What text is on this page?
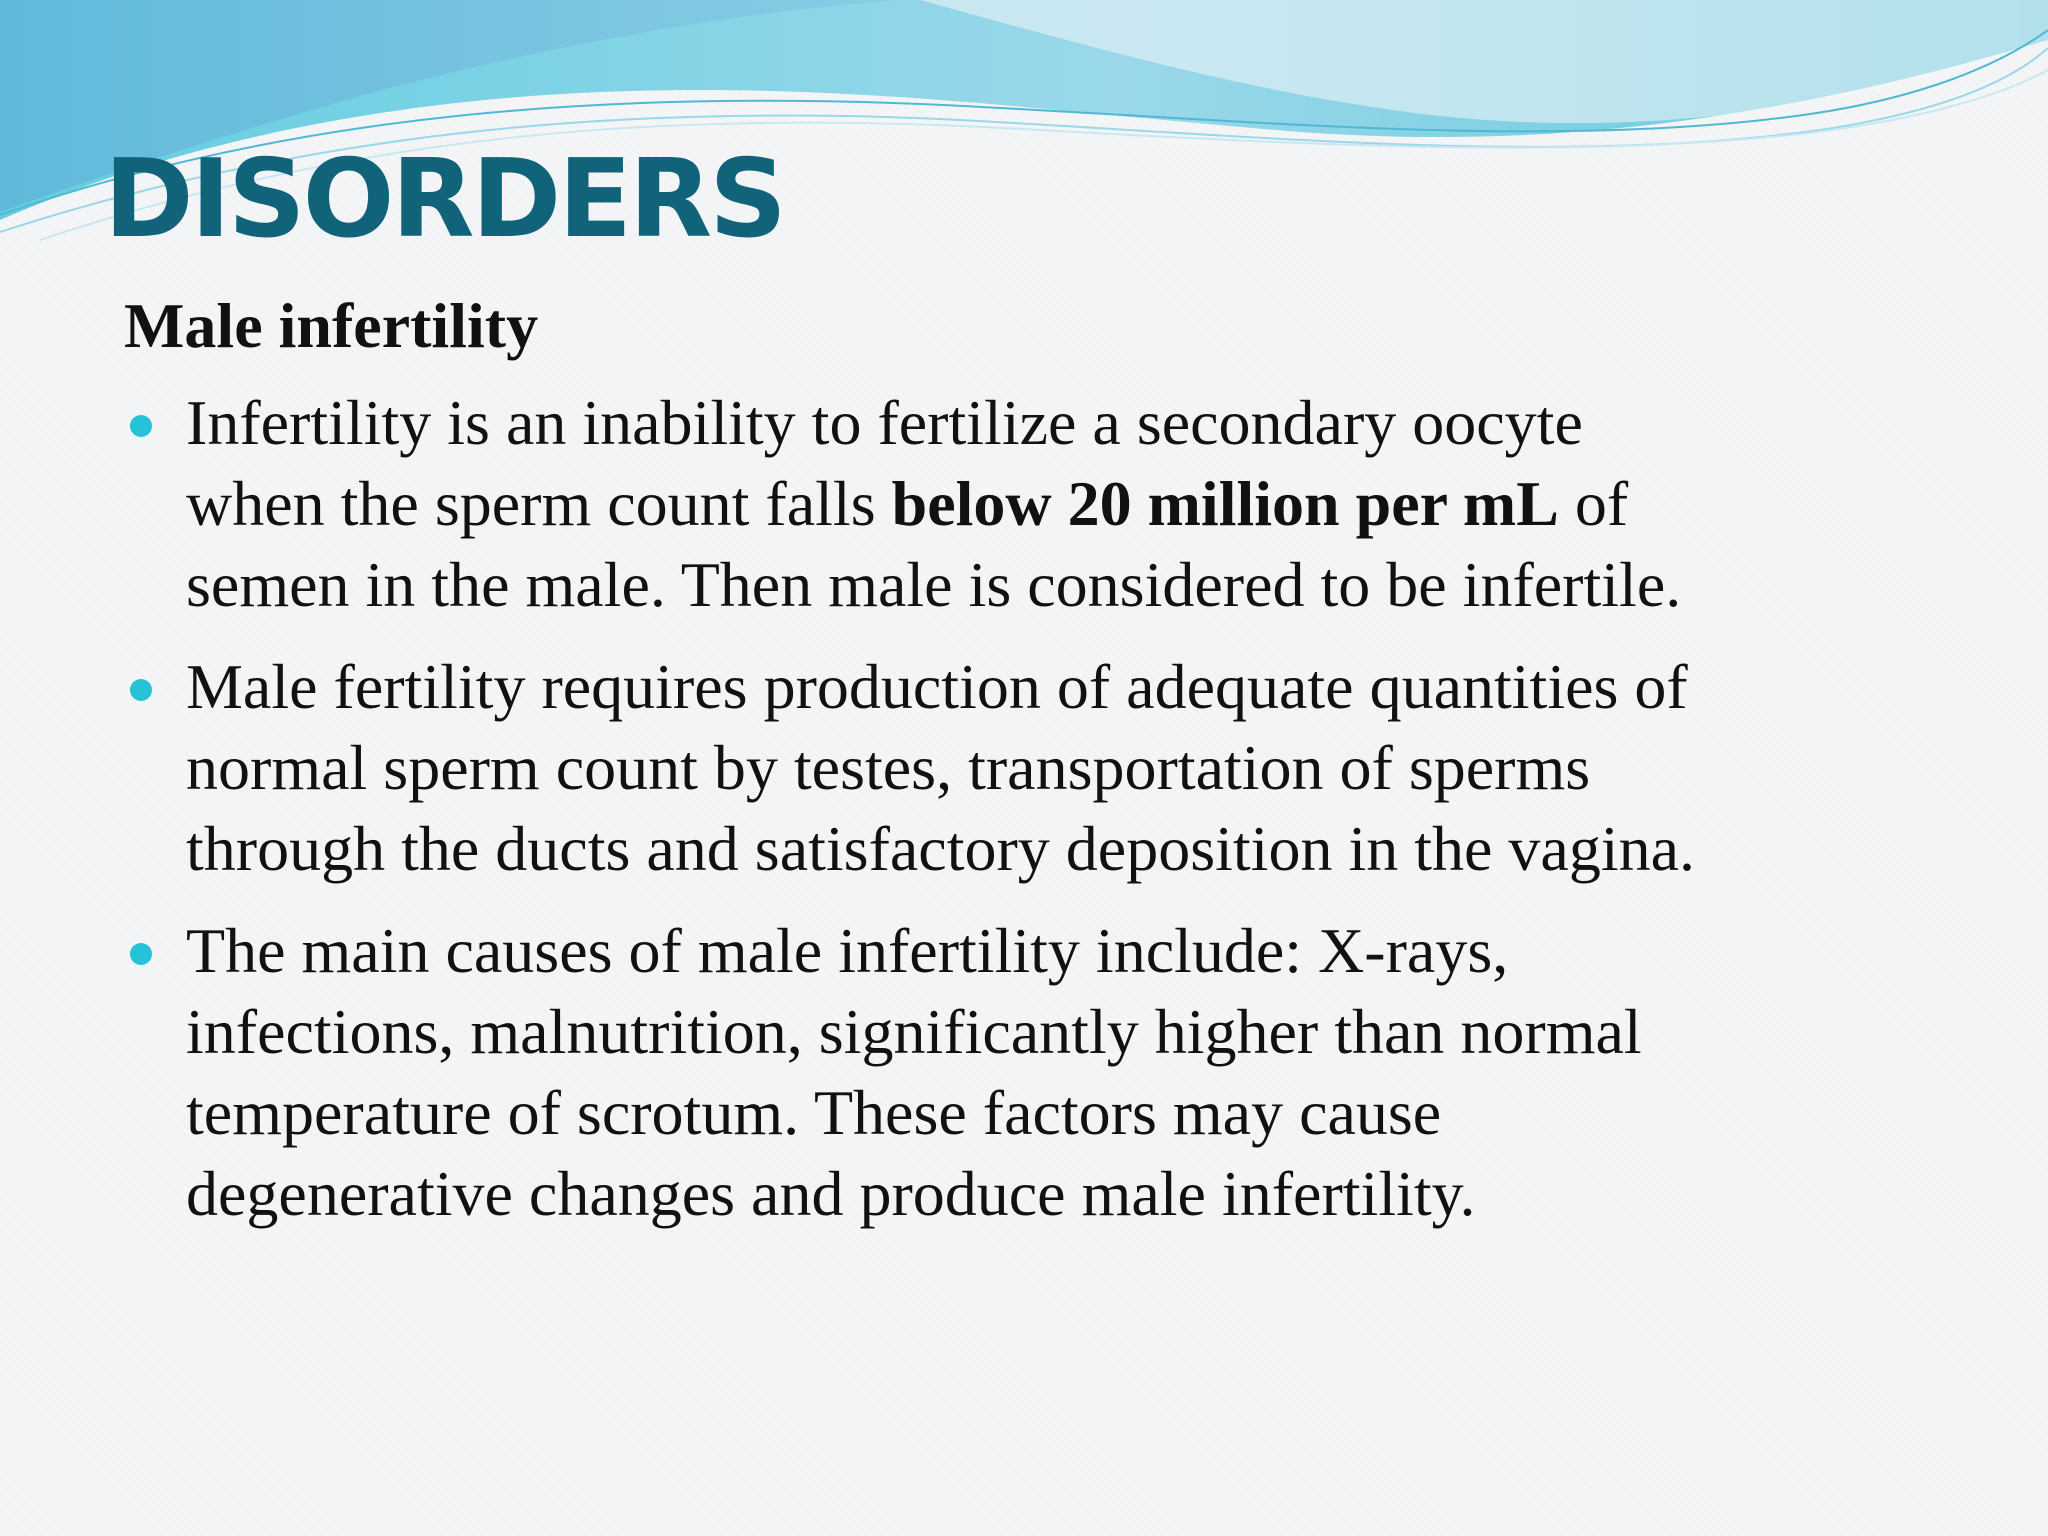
DISORDERS
Male infertility
Infertility is an inability to fertilize a secondary oocyte
when the sperm count falls below 20 million per mL of
semen in the male. Then male is considered to be infertile.
Male fertility requires production of adequate quantities of
normal sperm count by testes, transportation of sperms
through the ducts and satisfactory deposition in the vagina.
The main causes of male infertility include: X-rays,
infections, malnutrition, significantly higher than normal
temperature of scrotum. These factors may cause
degenerative changes and produce male infertility.
